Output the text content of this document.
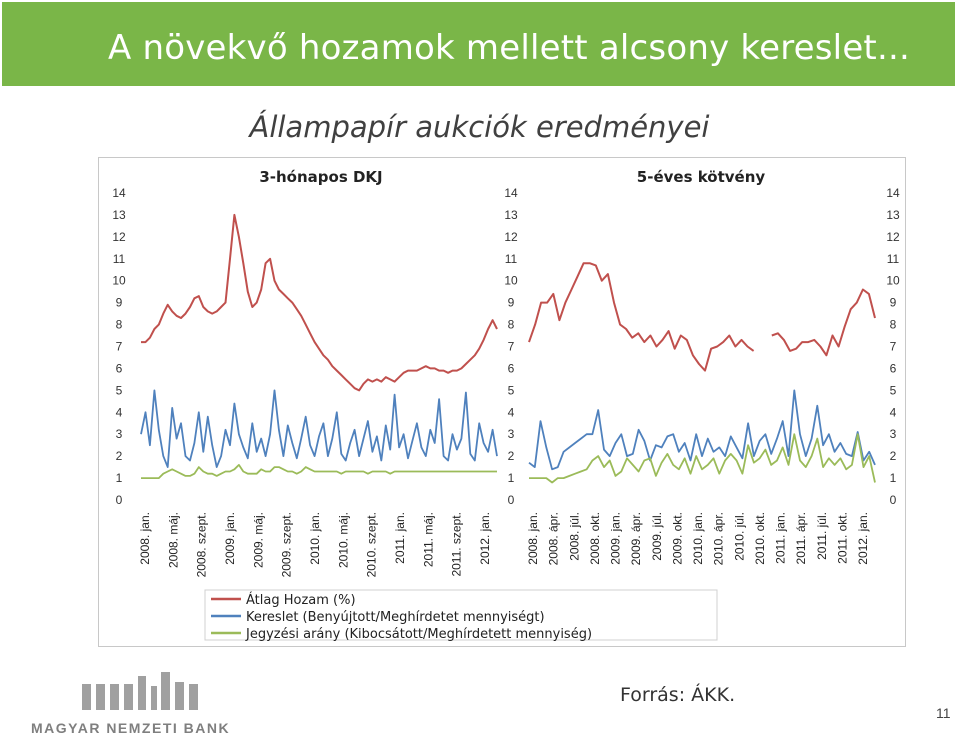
A növekvő hozamok mellett alcsony kereslet...
Állampapír aukciók eredményei
0
1
2
3
4
5
6
7
8
9
10
11
12
13
14
0
1
2
3
4
5
6
7
8
9
10
11
12
13
14
0
1
2
3
4
5
6
7
8
9
10
11
12
13
14
3-hónapos DKJ
2008. jan. 2008. máj. 2008. szept. 2009. jan. 2009. máj. 2009. szept. 2010. jan. 2010. máj. 2010. szept. 2011. jan. 2011. máj. 2011. szept. 2012. jan.
5-éves kötvény
2008. jan. 2008. ápr. 2008. júl. 2008. okt. 2009. jan. 2009. ápr. 2009. júl. 2009. okt. 2010. jan. 2010. ápr. 2010. júl. 2010. okt. 2011. jan. 2011. ápr. 2011. júl. 2011. okt. 2012. jan.
Átlag Hozam (%)
Kereslet (Benyújtott/Meghírdetet mennyiségt)
Jegyzési arány (Kibocsátott/Meghírdetett mennyiség)
MAGYAR NEMZETI BANK
Forrás: ÁKK.
11
